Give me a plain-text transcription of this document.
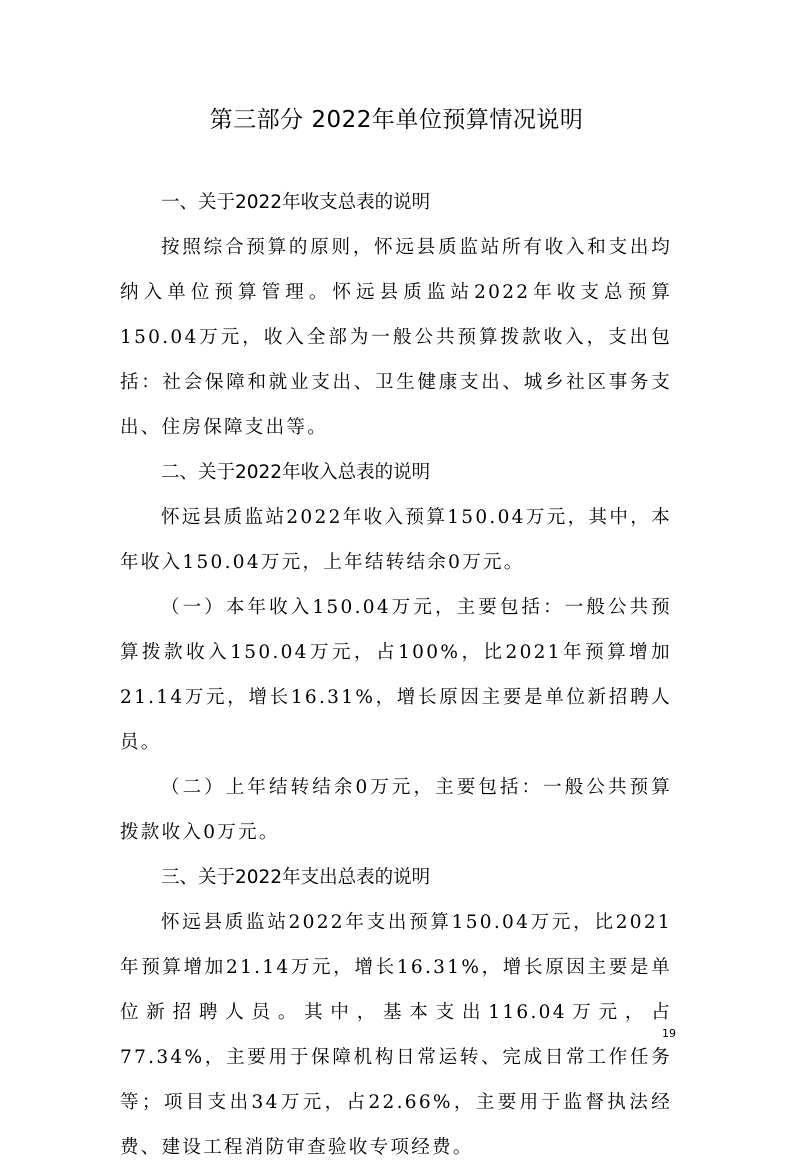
第三部分 2022年单位预算情况说明
一、关于2022年收支总表的说明

按照综合预算的原则，怀远县质监站所有收入和支出均纳入单位预算管理。怀远县质监站2022年收支总预算150.04万元，收入全部为一般公共预算拨款收入，支出包括：社会保障和就业支出、卫生健康支出、城乡社区事务支出、住房保障支出等。

二、关于2022年收入总表的说明

怀远县质监站2022年收入预算150.04万元，其中，本年收入150.04万元，上年结转结余0万元。

（一）本年收入150.04万元，主要包括：一般公共预算拨款收入150.04万元，占100%，比2021年预算增加21.14万元，增长16.31%，增长原因主要是单位新招聘人员。

（二）上年结转结余0万元，主要包括：一般公共预算拨款收入0万元。

三、关于2022年支出总表的说明

怀远县质监站2022年支出预算150.04万元，比2021年预算增加21.14万元，增长16.31%，增长原因主要是单位新招聘人员。其中，基本支出116.04万元，占77.34%，主要用于保障机构日常运转、完成日常工作任务等；项目支出34万元，占22.66%，主要用于监督执法经费、建设工程消防审查验收专项经费。

19
